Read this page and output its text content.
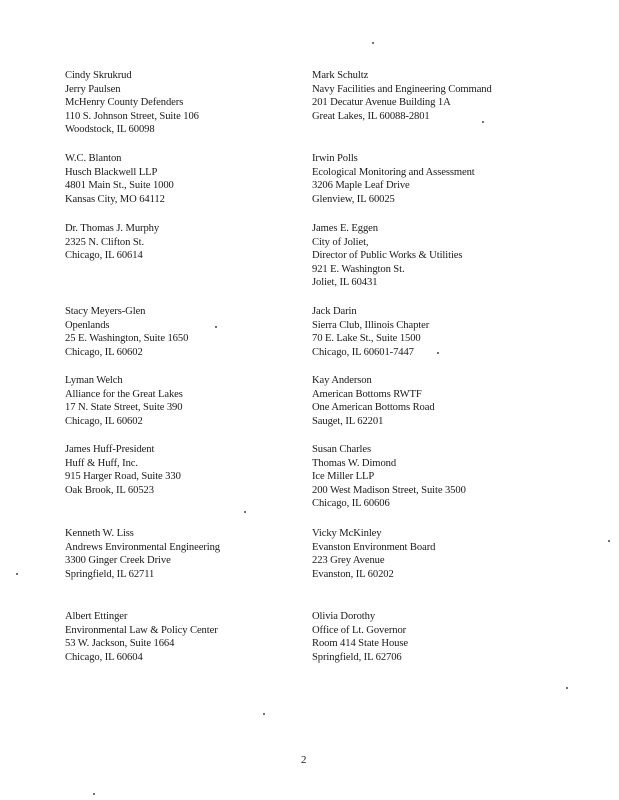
Cindy Skrukrud
Jerry Paulsen
McHenry County Defenders
110 S. Johnson Street, Suite 106
Woodstock, IL 60098
W.C. Blanton
Husch Blackwell LLP
4801 Main St., Suite 1000
Kansas City, MO 64112
Dr. Thomas J. Murphy
2325 N. Clifton St.
Chicago, IL 60614
Stacy Meyers-Glen
Openlands
25 E. Washington, Suite 1650
Chicago, IL 60602
Lyman Welch
Alliance for the Great Lakes
17 N. State Street, Suite 390
Chicago, IL 60602
James Huff-President
Huff & Huff, Inc.
915 Harger Road, Suite 330
Oak Brook, IL 60523
Kenneth W. Liss
Andrews Environmental Engineering
3300 Ginger Creek Drive
Springfield, IL 62711
Albert Ettinger
Environmental Law & Policy Center
53 W. Jackson, Suite 1664
Chicago, IL 60604
Mark Schultz
Navy Facilities and Engineering Command
201 Decatur Avenue Building 1A
Great Lakes, IL 60088-2801
Irwin Polls
Ecological Monitoring and Assessment
3206 Maple Leaf Drive
Glenview, IL 60025
James E. Eggen
City of Joliet,
Director of Public Works & Utilities
921 E. Washington St.
Joliet, IL 60431
Jack Darin
Sierra Club, Illinois Chapter
70 E. Lake St., Suite 1500
Chicago, IL 60601-7447
Kay Anderson
American Bottoms RWTF
One American Bottoms Road
Sauget, IL 62201
Susan Charles
Thomas W. Dimond
Ice Miller LLP
200 West Madison Street, Suite 3500
Chicago, IL 60606
Vicky McKinley
Evanston Environment Board
223 Grey Avenue
Evanston, IL 60202
Olivia Dorothy
Office of Lt. Governor
Room 414 State House
Springfield, IL 62706
2
